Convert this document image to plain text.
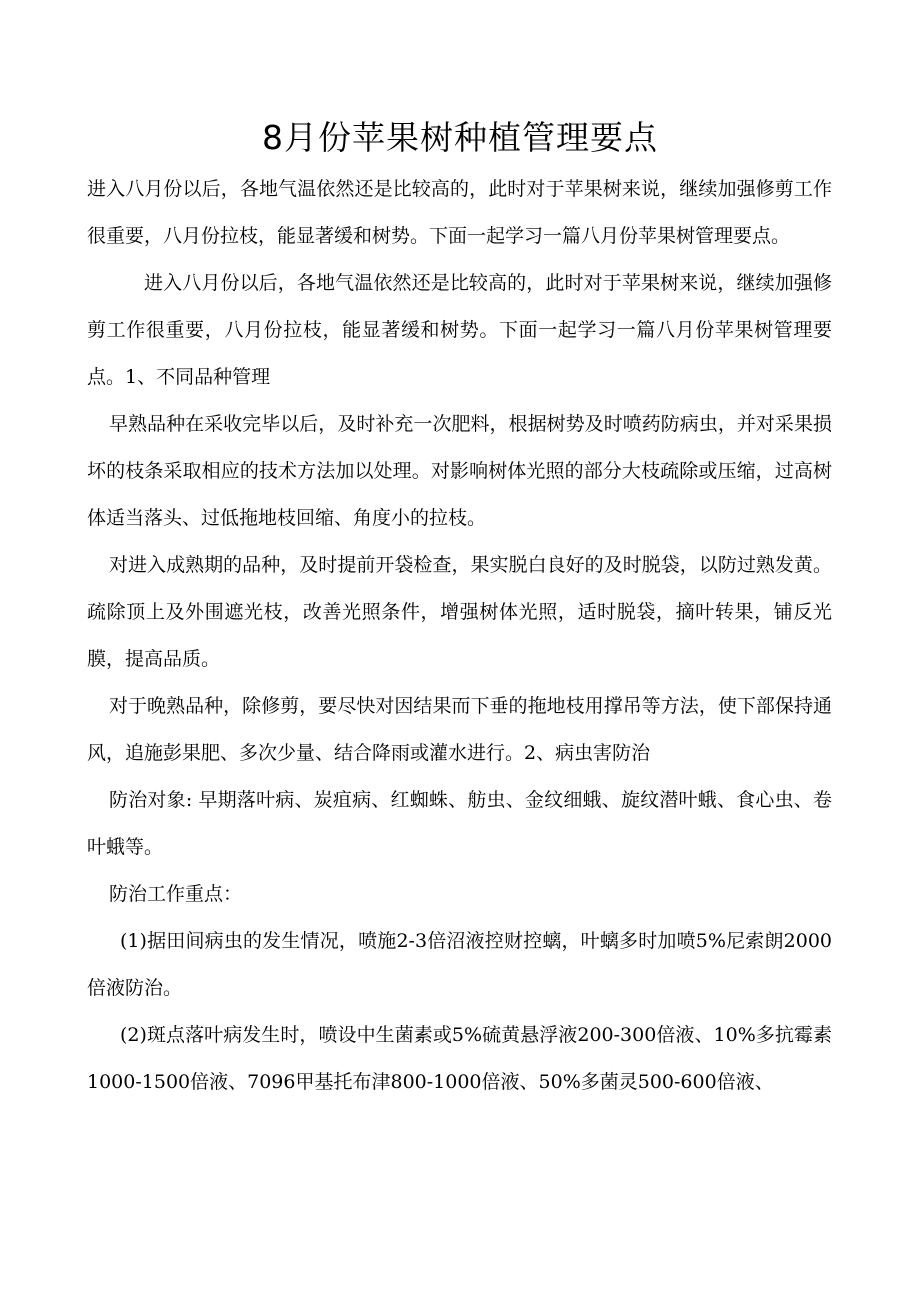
8月份苹果树种植管理要点

进入八月份以后，各地气温依然还是比较高的，此时对于苹果树来说，继续加强修剪工作很重要，八月份拉枝，能显著缓和树势。下面一起学习一篇八月份苹果树管理要点。

进入八月份以后，各地气温依然还是比较高的，此时对于苹果树来说，继续加强修剪工作很重要，八月份拉枝，能显著缓和树势。下面一起学习一篇八月份苹果树管理要点。1、不同品种管理

早熟品种在采收完毕以后，及时补充一次肥料，根据树势及时喷药防病虫，并对采果损坏的枝条采取相应的技术方法加以处理。对影响树体光照的部分大枝疏除或压缩，过高树体适当落头、过低拖地枝回缩、角度小的拉枝。

对进入成熟期的品种，及时提前开袋检查，果实脱白良好的及时脱袋，以防过熟发黄。疏除顶上及外围遮光枝，改善光照条件，增强树体光照，适时脱袋，摘叶转果，铺反光膜，提高品质。

对于晚熟品种，除修剪，要尽快对因结果而下垂的拖地枝用撑吊等方法，使下部保持通风，追施彭果肥、多次少量、结合降雨或灌水进行。2、病虫害防治

防治对象: 早期落叶病、炭疽病、红蜘蛛、舫虫、金纹细蛾、旋纹潜叶蛾、食心虫、卷叶蛾等。

防治工作重点：

(1)据田间病虫的发生情况，喷施2-3倍沼液控财控螭，叶螭多时加喷5%尼索朗2000倍液防治。

(2)斑点落叶病发生时，喷设中生菌素或5%硫黄悬浮液200-300倍液、10%多抗霉素1000-1500倍液、7096甲基托布津800-1000倍液、50%多菌灵500-600倍液、
